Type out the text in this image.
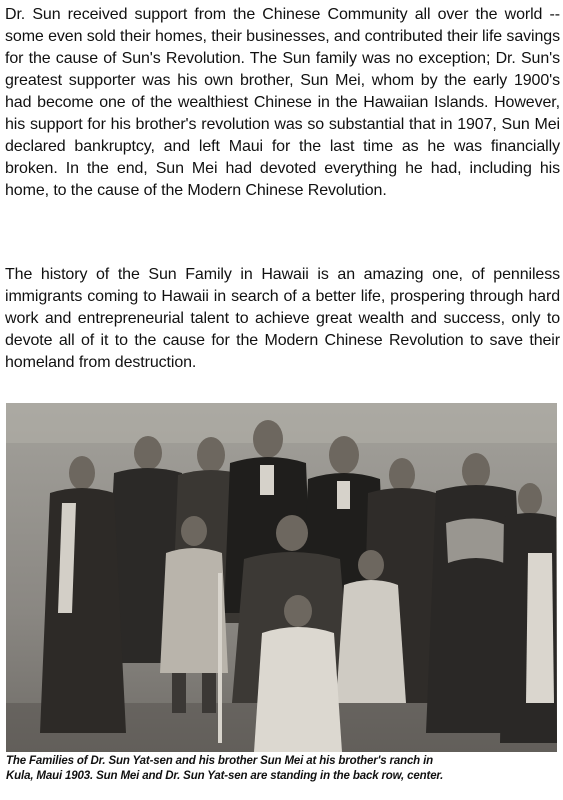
Dr. Sun received support from the Chinese Community all over the world -- some even sold their homes, their businesses, and contributed their life savings for the cause of Sun's Revolution. The Sun family was no exception; Dr. Sun's greatest supporter was his own brother, Sun Mei, whom by the early 1900's had become one of the wealthiest Chinese in the Hawaiian Islands. However, his support for his brother's revolution was so substantial that in 1907, Sun Mei declared bankruptcy, and left Maui for the last time as he was financially broken. In the end, Sun Mei had devoted everything he had, including his home, to the cause of the Modern Chinese Revolution.

The history of the Sun Family in Hawaii is an amazing one, of penniless immigrants coming to Hawaii in search of a better life, prospering through hard work and entrepreneurial talent to achieve great wealth and success, only to devote all of it to the cause for the Modern Chinese Revolution to save their homeland from destruction.

The Families of Dr. Sun Yat-sen and his brother Sun Mei at his brother's ranch in
Kula, Maui 1903. Sun Mei and Dr. Sun Yat-sen are standing in the back row, center.
